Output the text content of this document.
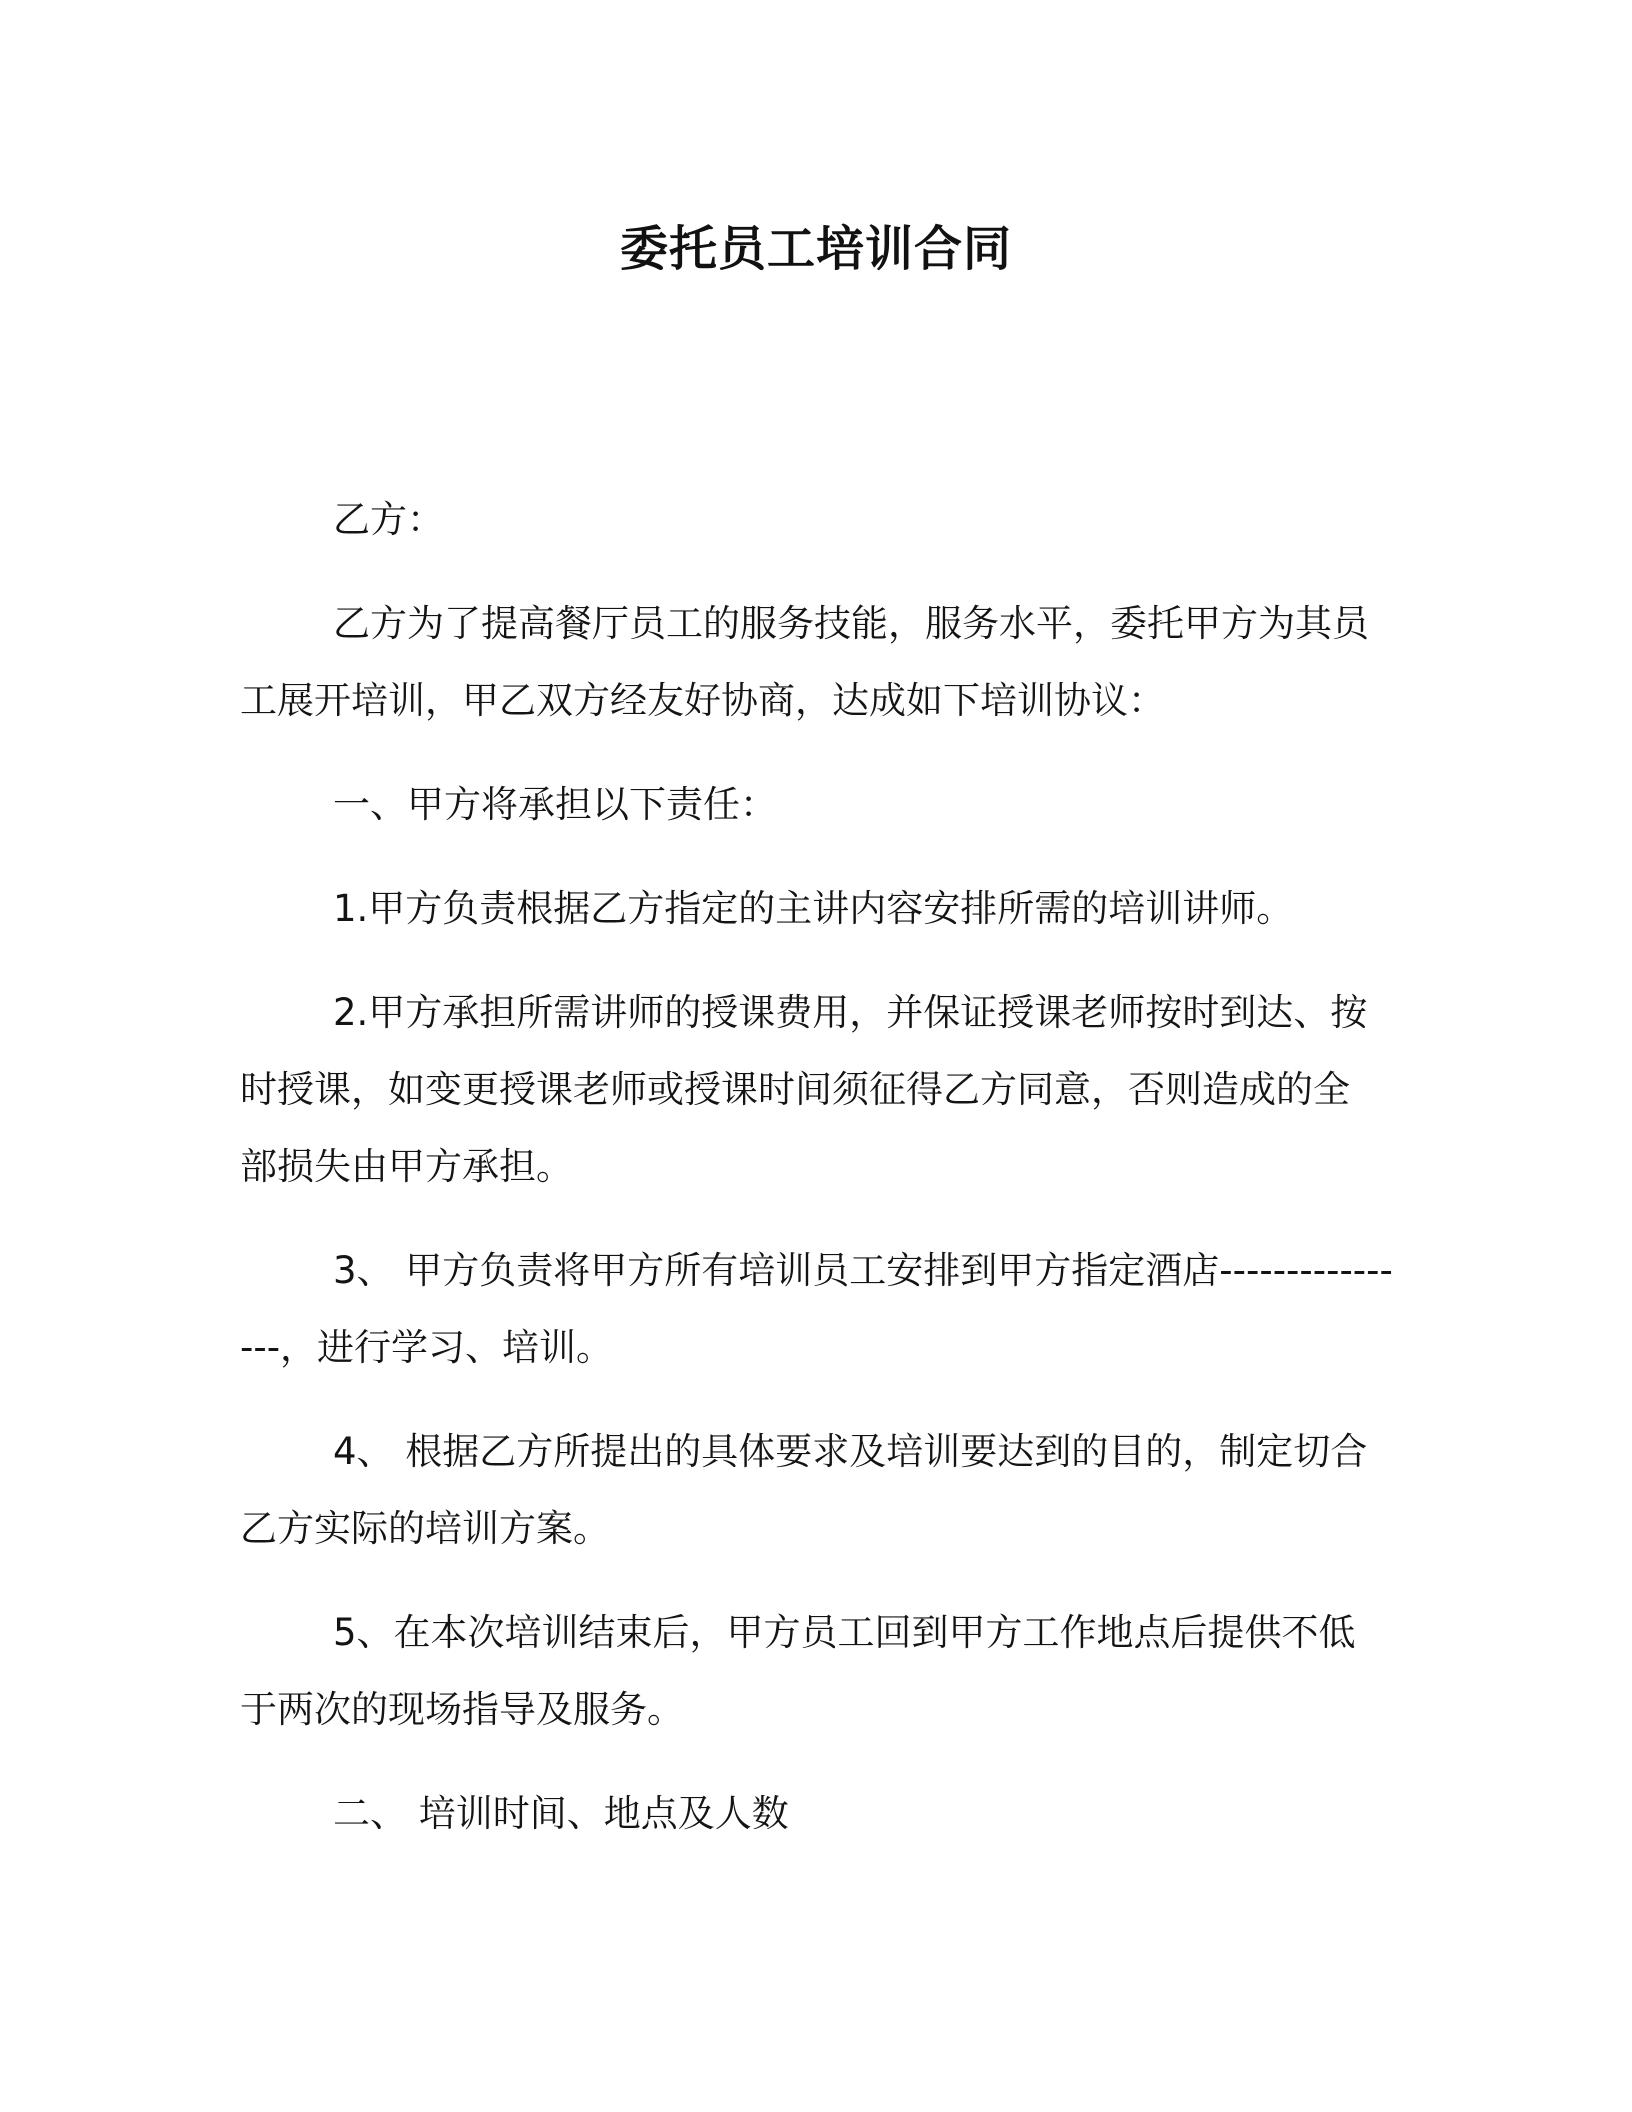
委托员工培训合同
乙方：
乙方为了提高餐厅员工的服务技能，服务水平，委托甲方为其员
工展开培训，甲乙双方经友好协商，达成如下培训协议：
一、甲方将承担以下责任：
1.甲方负责根据乙方指定的主讲内容安排所需的培训讲师。
2.甲方承担所需讲师的授课费用，并保证授课老师按时到达、按
时授课，如变更授课老师或授课时间须征得乙方同意，否则造成的全
部损失由甲方承担。
3、 甲方负责将甲方所有培训员工安排到甲方指定酒店-------------
---，进行学习、培训。
4、 根据乙方所提出的具体要求及培训要达到的目的，制定切合
乙方实际的培训方案。
5、在本次培训结束后，甲方员工回到甲方工作地点后提供不低
于两次的现场指导及服务。
二、 培训时间、地点及人数
